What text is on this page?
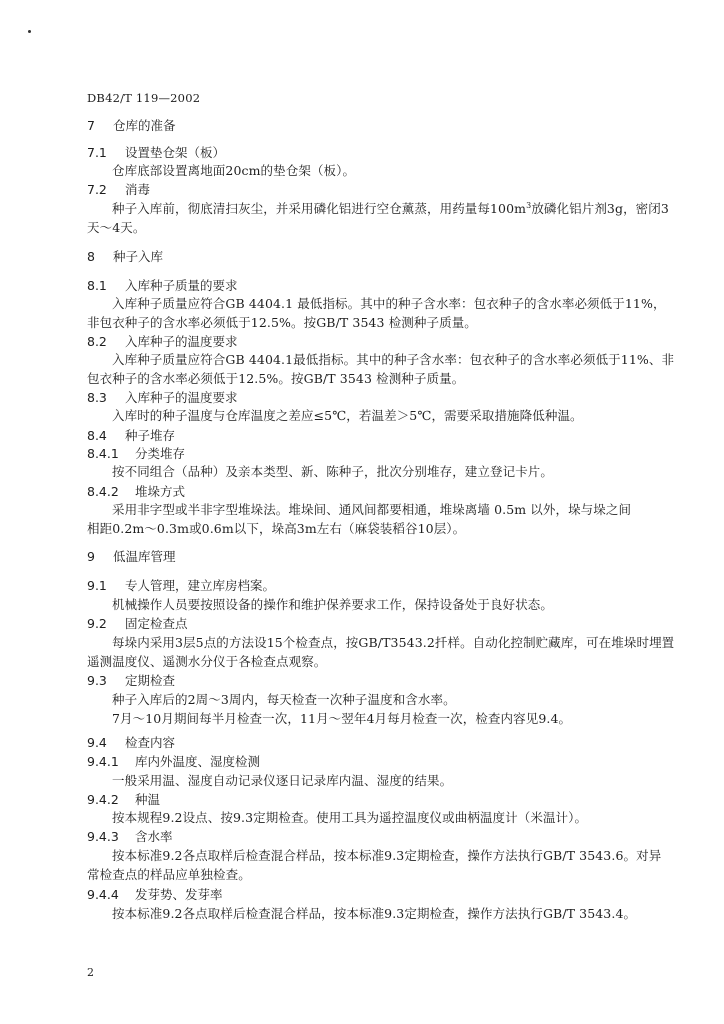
DB42/T 119—2002
7 仓库的准备
7.1 设置垫仓架（板）
仓库底部设置离地面20cm的垫仓架（板）。
7.2 消毒
种子入库前，彻底清扫灰尘，并采用磷化铝进行空仓薰蒸，用药量每$100m^3$放磷化铝片剂3g，密闭3
天～4天。
8 种子入库
8.1 入库种子质量的要求
入库种子质量应符合GB 4404.1 最低指标。其中的种子含水率：包衣种子的含水率必须低于11%，
非包衣种子的含水率必须低于12.5%。按GB/T 3543 检测种子质量。
8.2 入库种子的温度要求
入库种子质量应符合GB 4404.1最低指标。其中的种子含水率：包衣种子的含水率必须低于11%、非
包衣种子的含水率必须低于12.5%。按GB/T 3543 检测种子质量。
8.3 入库种子的温度要求
入库时的种子温度与仓库温度之差应≤5℃，若温差＞5℃，需要采取措施降低种温。
8.4 种子堆存
8.4.1 分类堆存
按不同组合（品种）及亲本类型、新、陈种子，批次分别堆存，建立登记卡片。
8.4.2 堆垛方式
采用非字型或半非字型堆垛法。堆垛间、通风间都要相通，堆垛离墙 0.5m 以外，垛与垛之间
相距0.2m～0.3m或0.6m以下，垛高3m左右（麻袋装稻谷10层）。
9 低温库管理
9.1 专人管理，建立库房档案。
机械操作人员要按照设备的操作和维护保养要求工作，保持设备处于良好状态。
9.2 固定检查点
每垛内采用3层5点的方法设15个检查点，按GB/T3543.2扦样。自动化控制贮藏库，可在堆垛时埋置
遥测温度仪、遥测水分仪于各检查点观察。
9.3 定期检查
种子入库后的2周～3周内，每天检查一次种子温度和含水率。
7月～10月期间每半月检查一次，11月～翌年4月每月检查一次，检查内容见9.4。
9.4 检查内容
9.4.1 库内外温度、湿度检测
一般采用温、湿度自动记录仪逐日记录库内温、湿度的结果。
9.4.2 种温
按本规程9.2设点、按9.3定期检查。使用工具为遥控温度仪或曲柄温度计（米温计）。
9.4.3 含水率
按本标准9.2各点取样后检查混合样品，按本标准9.3定期检查，操作方法执行GB/T 3543.6。对异
常检查点的样品应单独检查。
9.4.4 发芽势、发芽率
按本标准9.2各点取样后检查混合样品，按本标准9.3定期检查，操作方法执行GB/T 3543.4。
2
